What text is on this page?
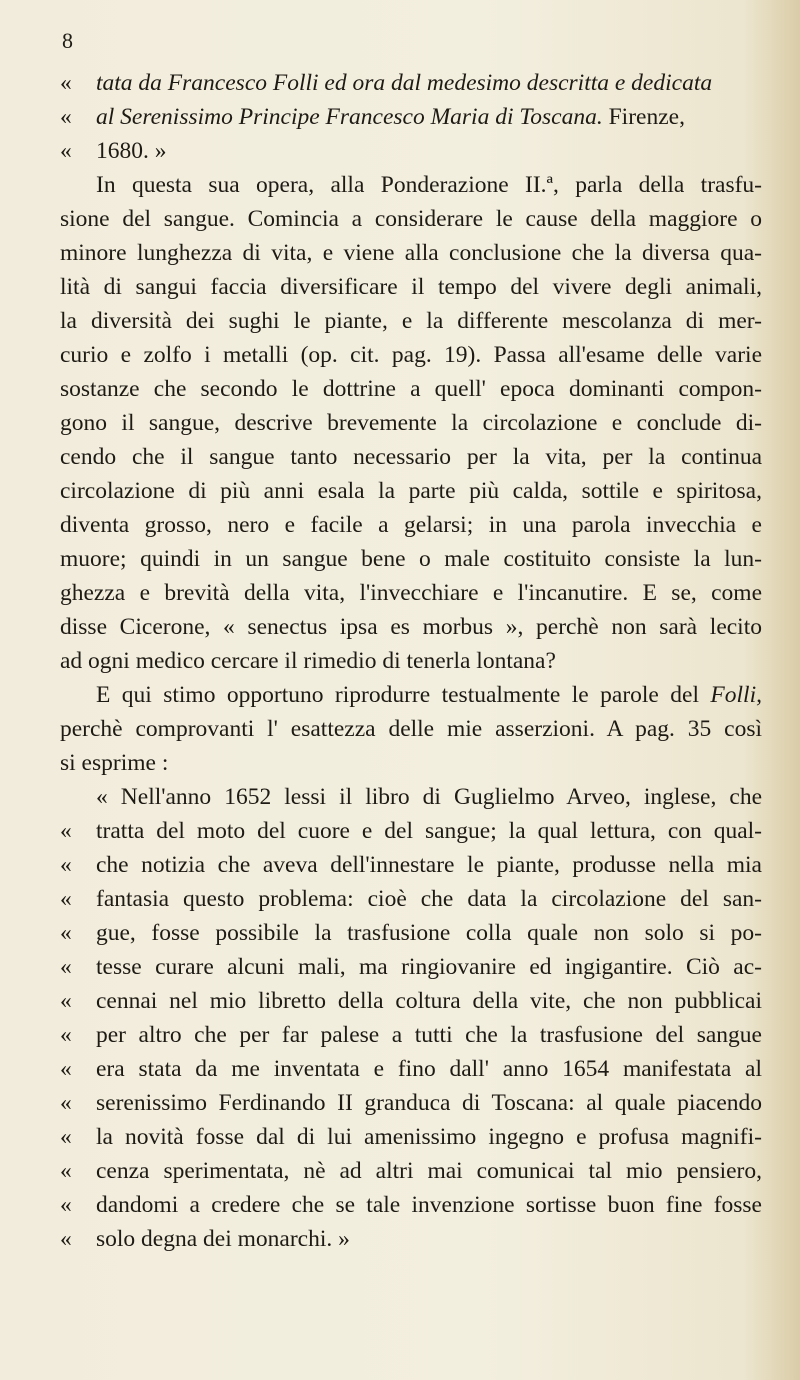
8
« tata da Francesco Folli ed ora dal medesimo descritta e dedicata
« al Serenissimo Principe Francesco Maria di Toscana. Firenze,
« 1680. »
In questa sua opera, alla Ponderazione II.ª, parla della trasfu-
sione del sangue. Comincia a considerare le cause della maggiore o
minore lunghezza di vita, e viene alla conclusione che la diversa qua-
lità di sangui faccia diversificare il tempo del vivere degli animali,
la diversità dei sughi le piante, e la differente mescolanza di mer-
curio e zolfo i metalli (op. cit. pag. 19). Passa all'esame delle varie
sostanze che secondo le dottrine a quell' epoca dominanti compon-
gono il sangue, descrive brevemente la circolazione e conclude di-
cendo che il sangue tanto necessario per la vita, per la continua
circolazione di più anni esala la parte più calda, sottile e spiritosa,
diventa grosso, nero e facile a gelarsi; in una parola invecchia e
muore; quindi in un sangue bene o male costituito consiste la lun-
ghezza e brevità della vita, l'invecchiare e l'incanutire. E se, come
disse Cicerone, « senectus ipsa es morbus », perchè non sarà lecito
ad ogni medico cercare il rimedio di tenerla lontana?
E qui stimo opportuno riprodurre testualmente le parole del Folli,
perchè comprovanti l' esattezza delle mie asserzioni. A pag. 35 così
si esprime :
« Nell'anno 1652 lessi il libro di Guglielmo Arveo, inglese, che
« tratta del moto del cuore e del sangue; la qual lettura, con qual-
« che notizia che aveva dell'innestare le piante, produsse nella mia
« fantasia questo problema: cioè che data la circolazione del san-
« gue, fosse possibile la trasfusione colla quale non solo si po-
« tesse curare alcuni mali, ma ringiovanire ed ingigantire. Ciò ac-
« cennai nel mio libretto della coltura della vite, che non pubblicai
« per altro che per far palese a tutti che la trasfusione del sangue
« era stata da me inventata e fino dall' anno 1654 manifestata al
« serenissimo Ferdinando II granduca di Toscana: al quale piacendo
« la novità fosse dal di lui amenissimo ingegno e profusa magnifi-
« cenza sperimentata, nè ad altri mai comunicai tal mio pensiero,
« dandomi a credere che se tale invenzione sortisse buon fine fosse
« solo degna dei monarchi. »
